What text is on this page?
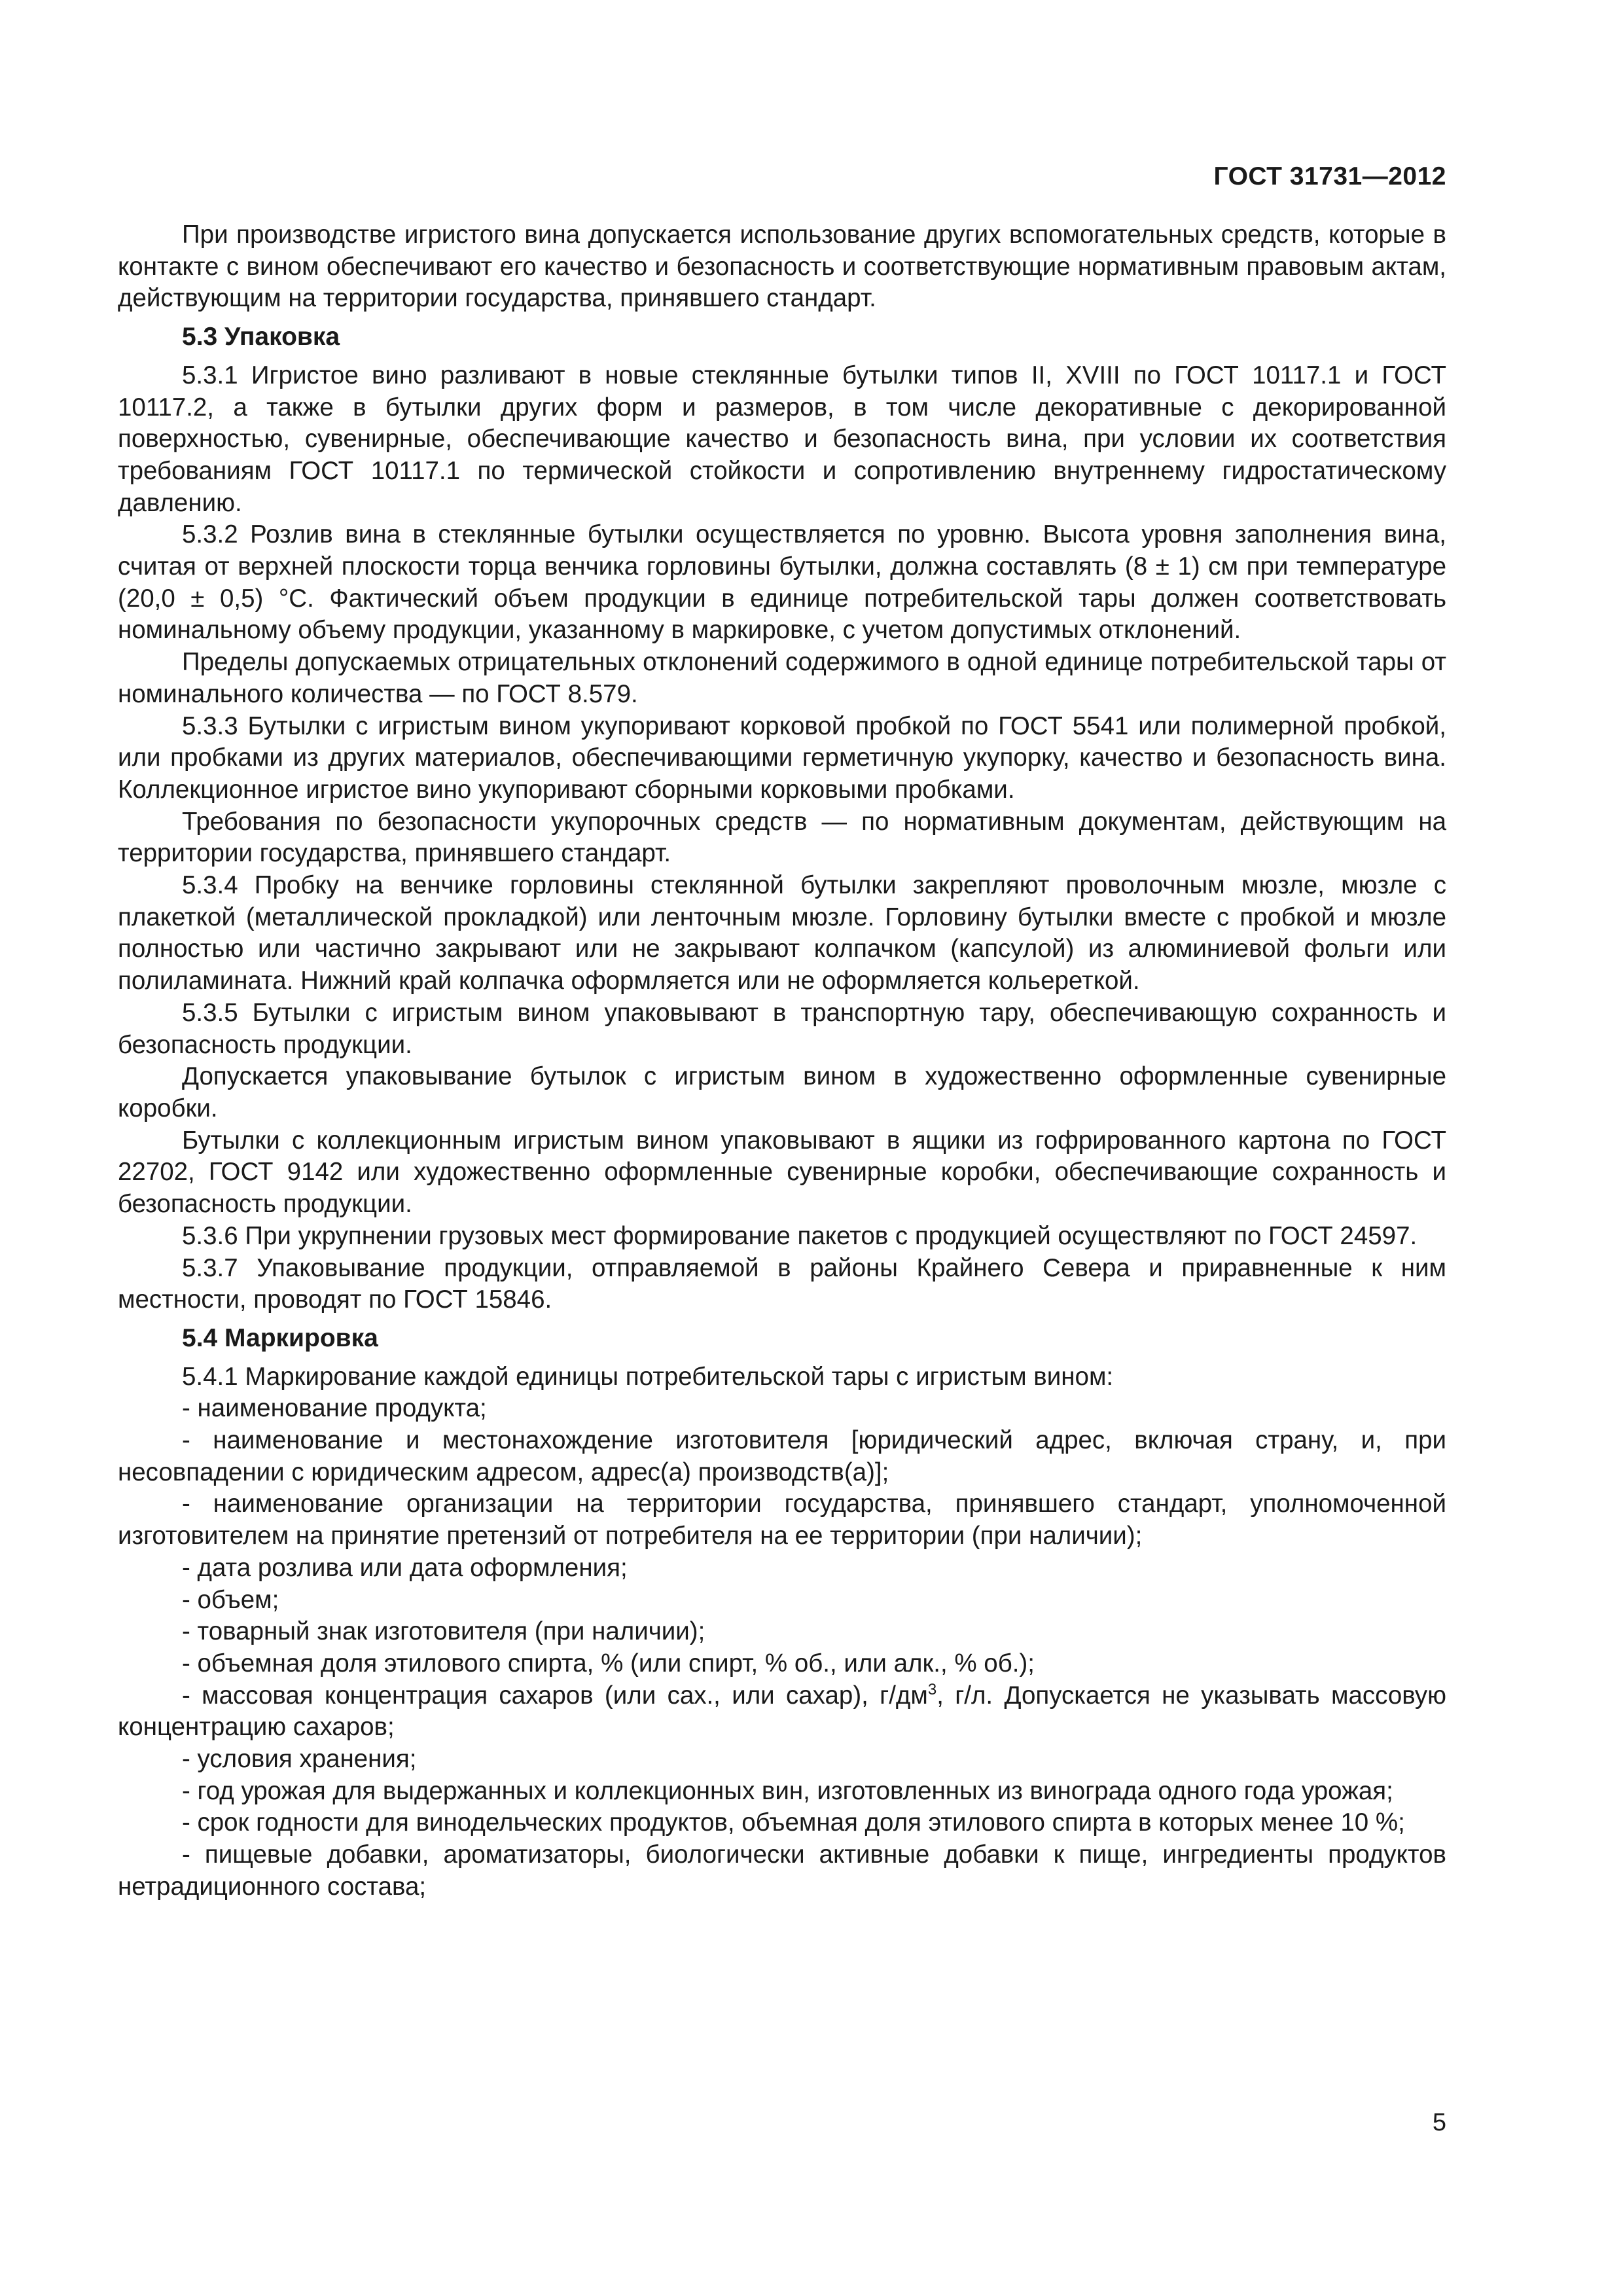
ГОСТ 31731—2012

При производстве игристого вина допускается использование других вспомогательных средств, которые в контакте с вином обеспечивают его качество и безопасность и соответствующие нормативным правовым актам, действующим на территории государства, принявшего стандарт.

5.3 Упаковка

5.3.1 Игристое вино разливают в новые стеклянные бутылки типов II, XVIII по ГОСТ 10117.1 и ГОСТ 10117.2, а также в бутылки других форм и размеров, в том числе декоративные с декорированной поверхностью, сувенирные, обеспечивающие качество и безопасность вина, при условии их соответствия требованиям ГОСТ 10117.1 по термической стойкости и сопротивлению внутреннему гидростатическому давлению.

5.3.2 Розлив вина в стеклянные бутылки осуществляется по уровню. Высота уровня заполнения вина, считая от верхней плоскости торца венчика горловины бутылки, должна составлять (8 ± 1) см при температуре (20,0 ± 0,5) °С. Фактический объем продукции в единице потребительской тары должен соответствовать номинальному объему продукции, указанному в маркировке, с учетом допустимых отклонений.

Пределы допускаемых отрицательных отклонений содержимого в одной единице потребительской тары от номинального количества — по ГОСТ 8.579.

5.3.3 Бутылки с игристым вином укупоривают корковой пробкой по ГОСТ 5541 или полимерной пробкой, или пробками из других материалов, обеспечивающими герметичную укупорку, качество и безопасность вина. Коллекционное игристое вино укупоривают сборными корковыми пробками.

Требования по безопасности укупорочных средств — по нормативным документам, действующим на территории государства, принявшего стандарт.

5.3.4 Пробку на венчике горловины стеклянной бутылки закрепляют проволочным мюзле, мюзле с плакеткой (металлической прокладкой) или ленточным мюзле. Горловину бутылки вместе с пробкой и мюзле полностью или частично закрывают или не закрывают колпачком (капсулой) из алюминиевой фольги или полиламината. Нижний край колпачка оформляется или не оформляется кольереткой.

5.3.5 Бутылки с игристым вином упаковывают в транспортную тару, обеспечивающую сохранность и безопасность продукции.

Допускается упаковывание бутылок с игристым вином в художественно оформленные сувенирные коробки.

Бутылки с коллекционным игристым вином упаковывают в ящики из гофрированного картона по ГОСТ 22702, ГОСТ 9142 или художественно оформленные сувенирные коробки, обеспечивающие сохранность и безопасность продукции.

5.3.6 При укрупнении грузовых мест формирование пакетов с продукцией осуществляют по ГОСТ 24597.

5.3.7 Упаковывание продукции, отправляемой в районы Крайнего Севера и приравненные к ним местности, проводят по ГОСТ 15846.

5.4 Маркировка

5.4.1 Маркирование каждой единицы потребительской тары с игристым вином:

- наименование продукта;

- наименование и местонахождение изготовителя [юридический адрес, включая страну, и, при несовпадении с юридическим адресом, адрес(а) производств(а)];

- наименование организации на территории государства, принявшего стандарт, уполномоченной изготовителем на принятие претензий от потребителя на ее территории (при наличии);

- дата розлива или дата оформления;

- объем;

- товарный знак изготовителя (при наличии);

- объемная доля этилового спирта, % (или спирт, % об., или алк., % об.);

- массовая концентрация сахаров (или сах., или сахар), $г/дм^3$, г/л. Допускается не указывать массовую концентрацию сахаров;

- условия хранения;

- год урожая для выдержанных и коллекционных вин, изготовленных из винограда одного года урожая;

- срок годности для винодельческих продуктов, объемная доля этилового спирта в которых менее 10 %;

- пищевые добавки, ароматизаторы, биологически активные добавки к пище, ингредиенты продуктов нетрадиционного состава;

5
